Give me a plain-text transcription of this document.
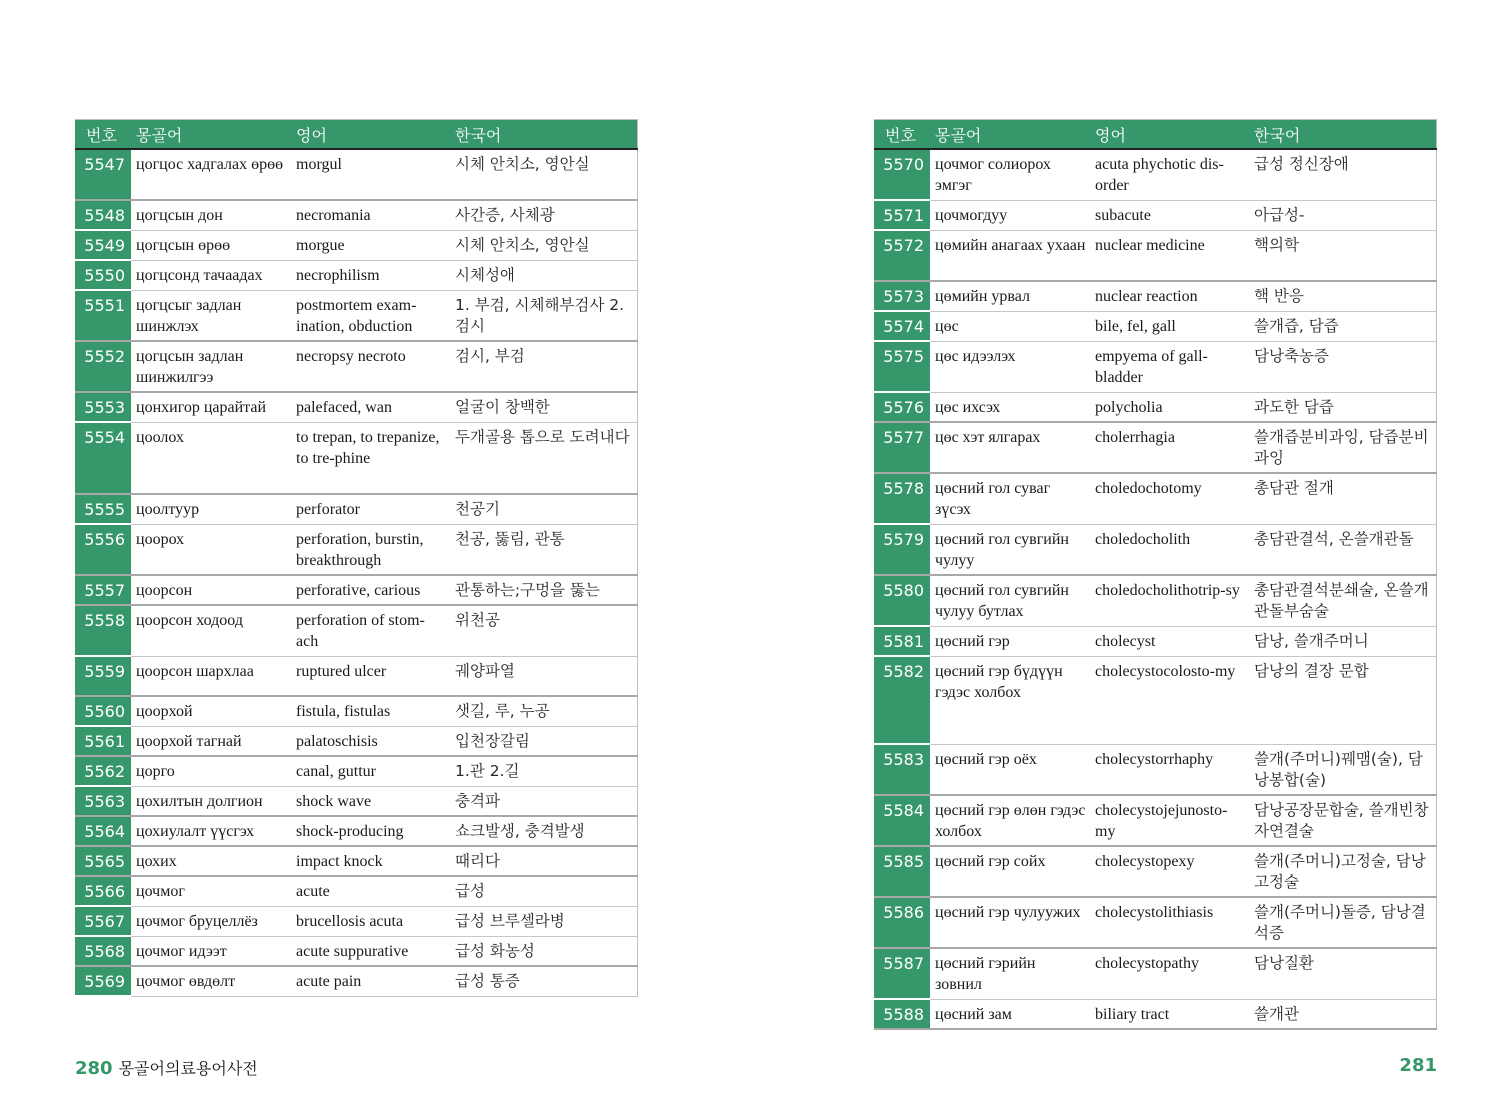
번호	몽골어	영어	한국어
5547	цогцос хадгалах өрөө	morgul	시체 안치소, 영안실
5548	цогцсын дон	necromania	사간증, 사체광
5549	цогцсын өрөө	morgue	시체 안치소, 영안실
5550	цогцсонд тачаадах	necrophilism	시체성애
5551	цогцсыг задлан шинжлэх	postmortem exam-ination, obduction	1. 부검, 시체해부검사 2. 검시
5552	цогцсын задлан шинжилгээ	necropsy necroto	검시, 부검
5553	цонхигор царайтай	palefaced, wan	얼굴이 창백한
5554	цоолох	to trepan, to trepanize, to tre-phine	두개골용 톱으로 도려내다
5555	цоолтуур	perforator	천공기
5556	цоорох	perforation, burstin, breakthrough	천공, 뚫림, 관통
5557	цоорсон	perforative, carious	관통하는;구멍을 뚫는
5558	цоорсон ходоод	perforation of stom-ach	위천공
5559	цоорсон шархлаа	ruptured ulcer	궤양파열
5560	цоорхой	fistula, fistulas	샛길, 루, 누공
5561	цоорхой тагнай	palatoschisis	입천장갈림
5562	цорго	canal, guttur	1.관 2.길
5563	цохилтын долгион	shock wave	충격파
5564	цохиулалт үүсгэх	shock-producing	쇼크발생, 충격발생
5565	цохих	impact knock	때리다
5566	цочмог	acute	급성
5567	цочмог бруцеллёз	brucellosis acuta	급성 브루셀라병
5568	цочмог идээт	acute suppurative	급성 화농성
5569	цочмог өвдөлт	acute pain	급성 통증
번호	몽골어	영어	한국어
5570	цочмог солиорох эмгэг	acuta phychotic dis-order	급성 정신장애
5571	цочмогдуу	subacute	아급성-
5572	цөмийн анагаах ухаан	nuclear medicine	핵의학
5573	цөмийн урвал	nuclear reaction	핵 반응
5574	цөс	bile, fel, gall	쓸개즙, 담즙
5575	цөс идээлэх	empyema of gall-bladder	담낭축농증
5576	цөс ихсэх	polycholia	과도한 담즙
5577	цөс хэт ялгарах	cholerrhagia	쓸개즙분비과잉, 담즙분비과잉
5578	цөсний гол суваг зүсэх	choledochotomy	총담관 절개
5579	цөсний гол сувгийн чулуу	choledocholith	총담관결석, 온쓸개관돌
5580	цөсний гол сувгийн чулуу бутлах	choledocholithotrip-sy	총담관결석분쇄술, 온쓸개관돌부숨술
5581	цөсний гэр	cholecyst	담낭, 쓸개주머니
5582	цөсний гэр бүдүүн гэдэс холбох	cholecystocolosto-my	담낭의 결장 문합
5583	цөсний гэр оёх	cholecystorrhaphy	쓸개(주머니)꿰맴(술), 담낭봉합(술)
5584	цөсний гэр өлөн гэдэс холбох	cholecystojejunosto-my	담낭공장문합술, 쓸개빈창자연결술
5585	цөсний гэр сойх	cholecystopexy	쓸개(주머니)고정술, 담낭고정술
5586	цөсний гэр чулуужих	cholecystolithiasis	쓸개(주머니)돌증, 담낭결석증
5587	цөсний гэрийн зовнил	cholecystopathy	담낭질환
5588	цөсний зам	biliary tract	쓸개관
280 몽골어의료용어사전	281
